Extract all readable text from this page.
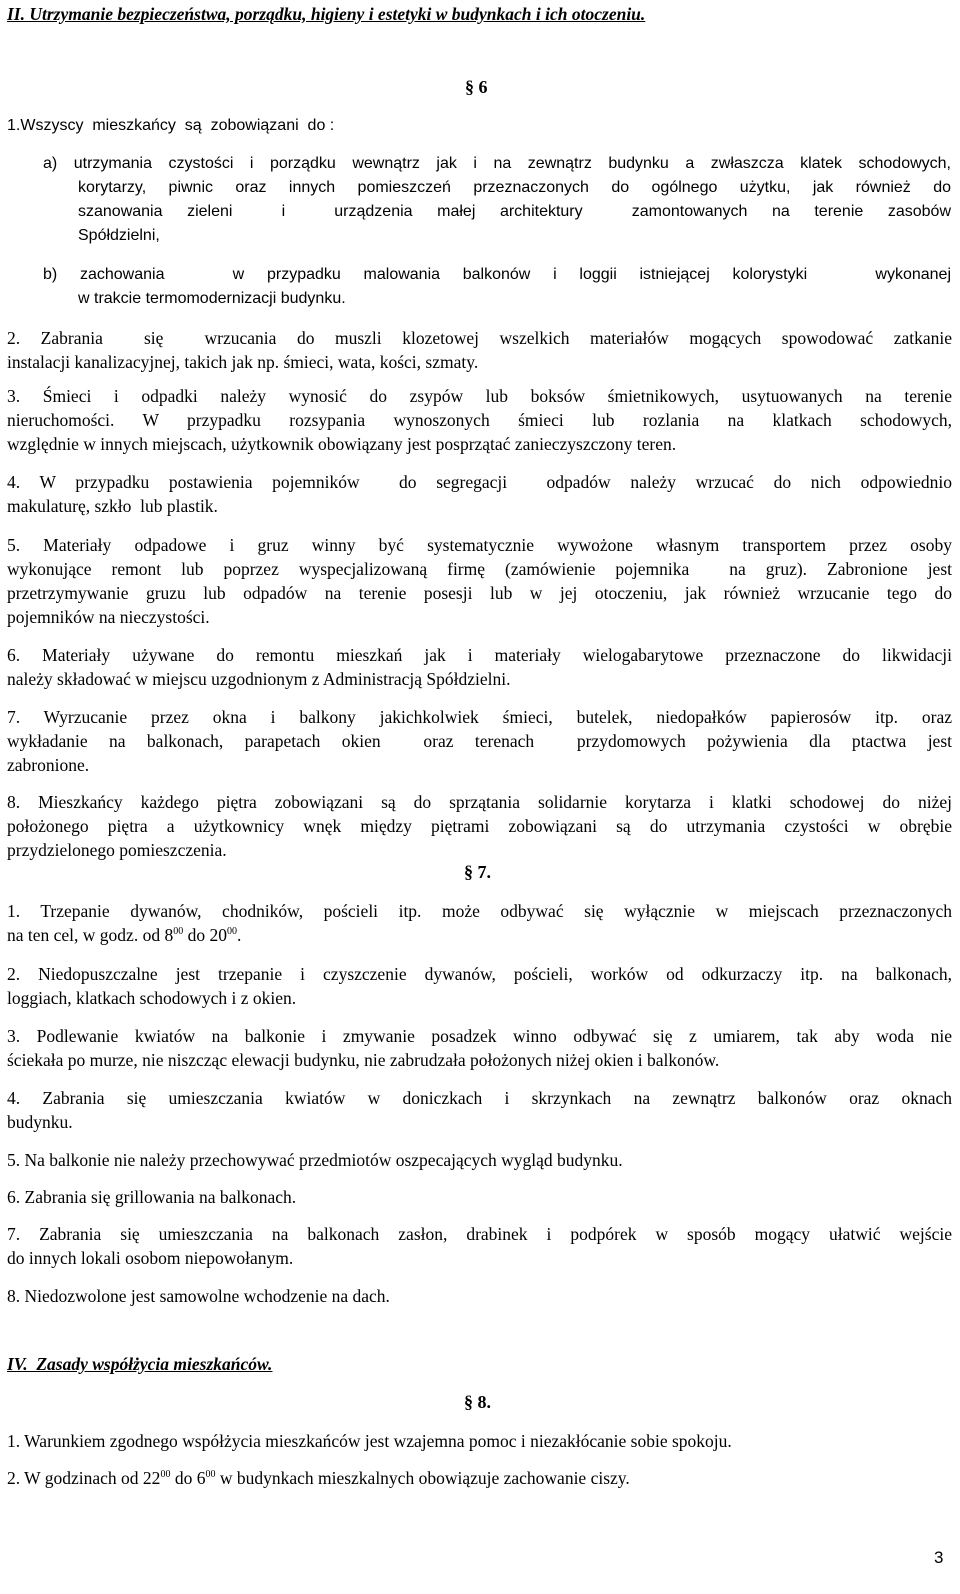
II. Utrzymanie bezpieczeństwa, porządku, higieny i estetyki w budynkach i ich otoczeniu.
§ 6
1.Wszyscy  mieszkańcy  są  zobowiązani  do :
a) utrzymania czystości i porządku wewnątrz jak i na zewnątrz budynku a zwłaszcza klatek schodowych,
korytarzy, piwnic oraz innych pomieszczeń przeznaczonych do ogólnego użytku, jak również do
szanowania  zieleni    i    urządzenia  małej  architektury    zamontowanych  na  terenie  zasobów
Spółdzielni,
b)  zachowania      w  przypadku  malowania  balkonów  i  loggii  istniejącej  kolorystyki      wykonanej
w trakcie termomodernizacji budynku.
2. Zabrania  się  wrzucania do muszli klozetowej wszelkich materiałów mogących spowodować zatkanie
instalacji kanalizacyjnej, takich jak np. śmieci, wata, kości, szmaty.
3. Śmieci i odpadki należy wynosić do zsypów lub boksów śmietnikowych, usytuowanych na terenie
nieruchomości. W przypadku rozsypania wynoszonych śmieci lub rozlania na klatkach schodowych,
względnie w innych miejscach, użytkownik obowiązany jest posprzątać zanieczyszczony teren.
4. W przypadku postawienia pojemników  do segregacji  odpadów należy wrzucać do nich odpowiednio
makulaturę, szkło  lub plastik.
5. Materiały odpadowe i gruz winny być systematycznie wywożone własnym transportem przez osoby
wykonujące remont lub poprzez wyspecjalizowaną firmę (zamówienie pojemnika  na gruz). Zabronione jest
przetrzymywanie gruzu lub odpadów na terenie posesji lub w jej otoczeniu, jak również wrzucanie tego do
pojemników na nieczystości.
6. Materiały używane do remontu mieszkań jak i materiały wielogabarytowe przeznaczone do likwidacji
należy składować w miejscu uzgodnionym z Administracją Spółdzielni.
7. Wyrzucanie przez okna i balkony jakichkolwiek śmieci, butelek, niedopałków papierosów itp. oraz
wykładanie na balkonach, parapetach okien  oraz terenach  przydomowych pożywienia dla ptactwa jest
zabronione.
8. Mieszkańcy każdego piętra zobowiązani są do sprzątania solidarnie korytarza i klatki schodowej do niżej
położonego piętra a użytkownicy wnęk między piętrami zobowiązani są do utrzymania czystości w obrębie
przydzielonego pomieszczenia.
§ 7.
1. Trzepanie dywanów, chodników, pościeli itp. może odbywać się wyłącznie w miejscach przeznaczonych
na ten cel, w godz. od $8^{00}$ do $20^{00}$.
2. Niedopuszczalne jest trzepanie i czyszczenie dywanów, pościeli, worków od odkurzaczy itp. na balkonach,
loggiach, klatkach schodowych i z okien.
3. Podlewanie kwiatów na balkonie i zmywanie posadzek winno odbywać się z umiarem, tak aby woda nie
ściekała po murze, nie niszcząc elewacji budynku, nie zabrudzała położonych niżej okien i balkonów.
4. Zabrania się umieszczania kwiatów w doniczkach i skrzynkach na zewnątrz balkonów oraz oknach
budynku.
5. Na balkonie nie należy przechowywać przedmiotów oszpecających wygląd budynku.
6. Zabrania się grillowania na balkonach.
7. Zabrania się umieszczania na balkonach zasłon, drabinek i podpórek w sposób mogący ułatwić wejście
do innych lokali osobom niepowołanym.
8. Niedozwolone jest samowolne wchodzenie na dach.
IV.  Zasady współżycia mieszkańców.
§ 8.
1. Warunkiem zgodnego współżycia mieszkańców jest wzajemna pomoc i niezakłócanie sobie spokoju.
2. W godzinach od $22^{00}$ do $6^{00}$ w budynkach mieszkalnych obowiązuje zachowanie ciszy.
3
